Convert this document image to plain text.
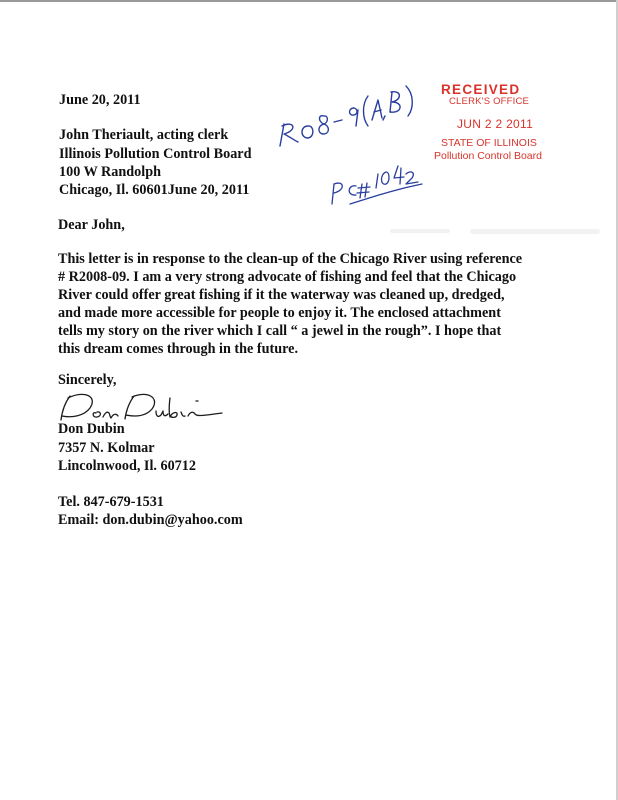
June 20, 2011
John Theriault, acting clerk
Illinois Pollution Control Board
100 W Randolph
Chicago, Il. 60601June 20, 2011
Dear John,
This letter is in response to the clean-up of the Chicago River using reference
# R2008-09. I am a very strong advocate of fishing and feel that the Chicago
River could offer great fishing if it the waterway was cleaned up, dredged,
and made more accessible for people to enjoy it. The enclosed attachment
tells my story on the river which I call “ a jewel in the rough”. I hope that
this dream comes through in the future.
Sincerely,
Don Dubin
7357 N. Kolmar
Lincolnwood, Il. 60712
Tel. 847-679-1531
Email: don.dubin@yahoo.com
RECEIVED
CLERK'S OFFICE
JUN 2 2 2011
STATE OF ILLINOIS
Pollution Control Board
